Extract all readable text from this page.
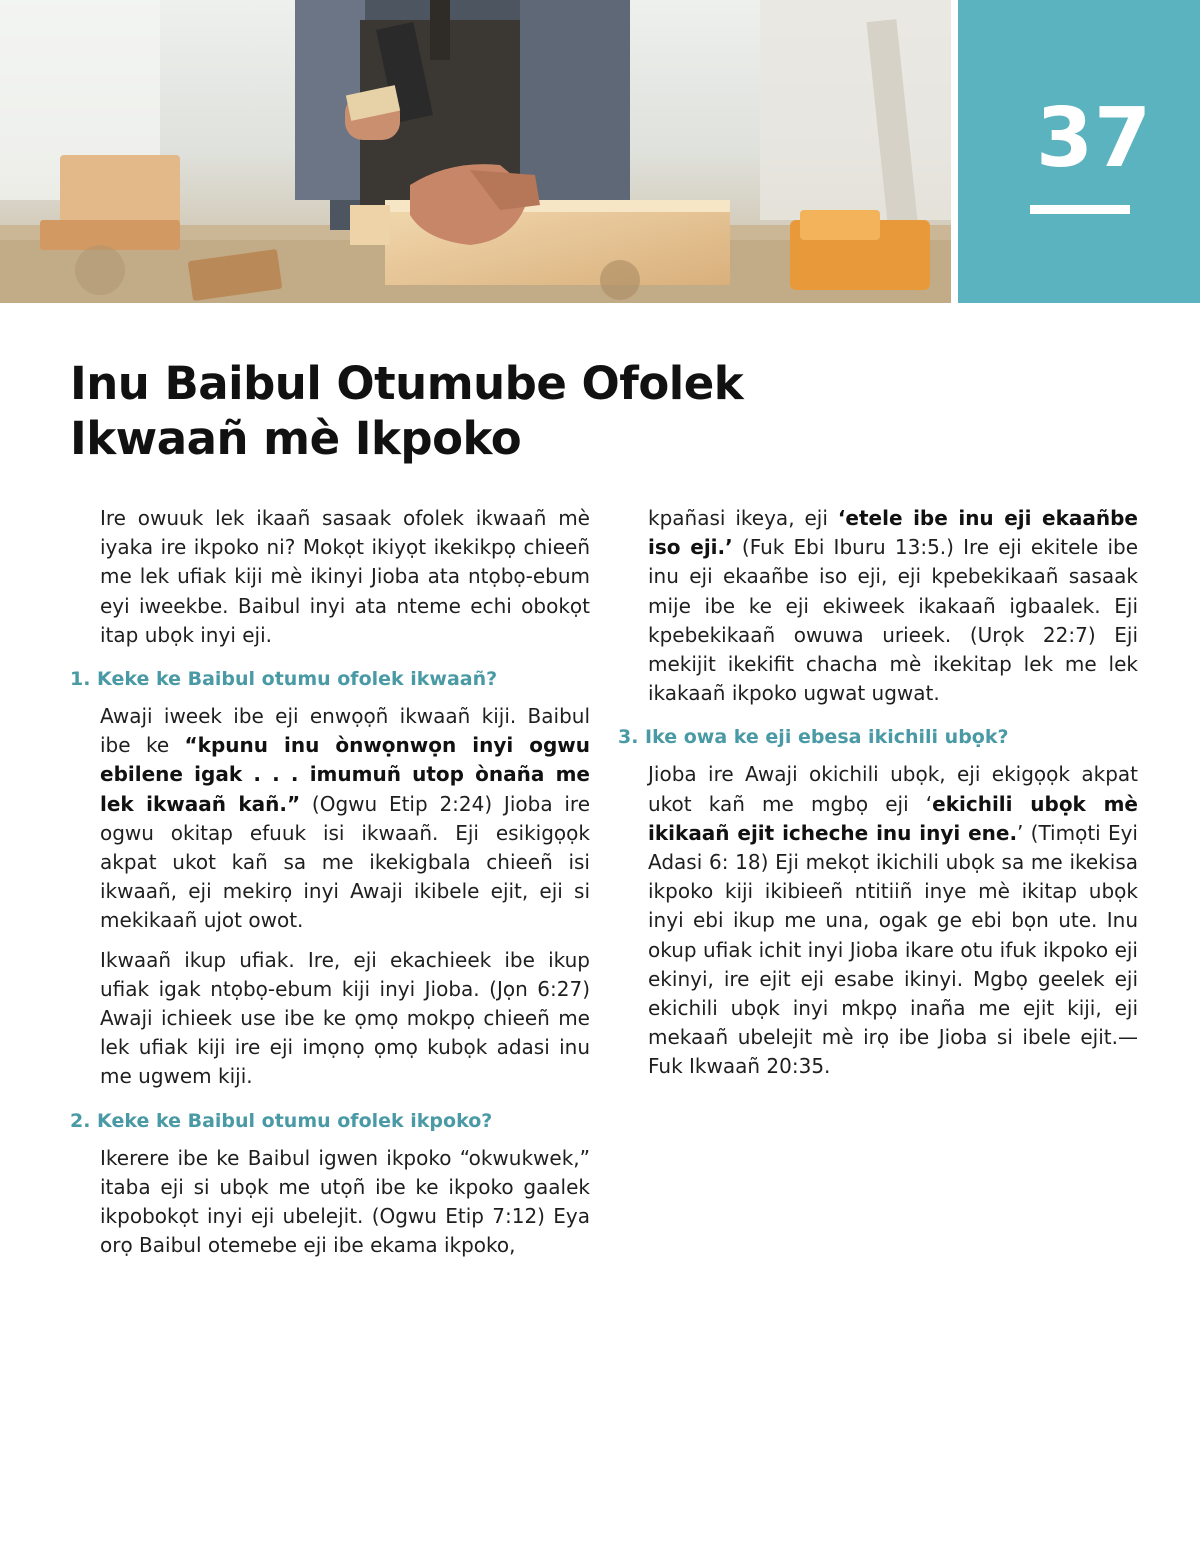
37
Inu Baibul Otumube Ofolek
Ikwaañ mè Ikpoko

Ire owuuk lek ikaañ sasaak ofolek ikwaañ mè iyaka ire ikpoko ni? Mokọt ikiyọt ikekikpọ chieeñ me lek ufiak kiji mè ikinyi Jioba ata ntọbọ-ebum eyi iweekbe. Baibul inyi ata nteme echi obokọt itap ubọk inyi eji.

1. Keke ke Baibul otumu ofolek ikwaañ?

Awaji iweek ibe eji enwọọñ ikwaañ kiji. Baibul ibe ke “kpunu inu ònwọnwọn inyi ogwu ebilene igak . . . imumuñ utop ònaña me lek ikwaañ kañ.” (Ogwu Etip 2:24) Jioba ire ogwu okitap efuuk isi ikwaañ. Eji esikigọọk akpat ukot kañ sa me ikekigbala chieeñ isi ikwaañ, eji mekirọ inyi Awaji ikibele ejit, eji si mekikaañ ujot owot.

Ikwaañ ikup ufiak. Ire, eji ekachieek ibe ikup ufiak igak ntọbọ-ebum kiji inyi Jioba. (Jọn 6:27) Awaji ichieek use ibe ke ọmọ mokpọ chieeñ me lek ufiak kiji ire eji imọnọ ọmọ kubọk adasi inu me ugwem kiji.

2. Keke ke Baibul otumu ofolek ikpoko?

Ikerere ibe ke Baibul igwen ikpoko “okwukwek,” itaba eji si ubọk me utọñ ibe ke ikpoko gaalek ikpobokọt inyi eji ubelejit. (Ogwu Etip 7:12) Eya orọ Baibul otemebe eji ibe ekama ikpoko,

kpañasi ikeya, eji ‘etele ibe inu eji ekaañbe iso eji.’ (Fuk Ebi Iburu 13:5.) Ire eji ekitele ibe inu eji ekaañbe iso eji, eji kpebekikaañ sasaak mije ibe ke eji ekiweek ikakaañ igbaalek. Eji kpebekikaañ owuwa urieek. (Urọk 22:7) Eji mekijit ikekifit chacha mè ikekitap lek me lek ikakaañ ikpoko ugwat ugwat.

3. Ike owa ke eji ebesa ikichili ubọk?

Jioba ire Awaji okichili ubọk, eji ekigọọk akpat ukot kañ me mgbọ eji ‘ekichili ubọk mè ikikaañ ejit icheche inu inyi ene.’ (Timọti Eyi Adasi 6: 18) Eji mekọt ikichili ubọk sa me ikekisa ikpoko kiji ikibieeñ ntitiiñ inye mè ikitap ubọk inyi ebi ikup me una, ogak ge ebi bọn ute. Inu okup ufiak ichit inyi Jioba ikare otu ifuk ikpoko eji ekinyi, ire ejit eji esabe ikinyi. Mgbọ geelek eji ekichili ubọk inyi mkpọ inaña me ejit kiji, eji mekaañ ubelejit mè irọ ibe Jioba si ibele ejit.—Fuk Ikwaañ 20:35.
